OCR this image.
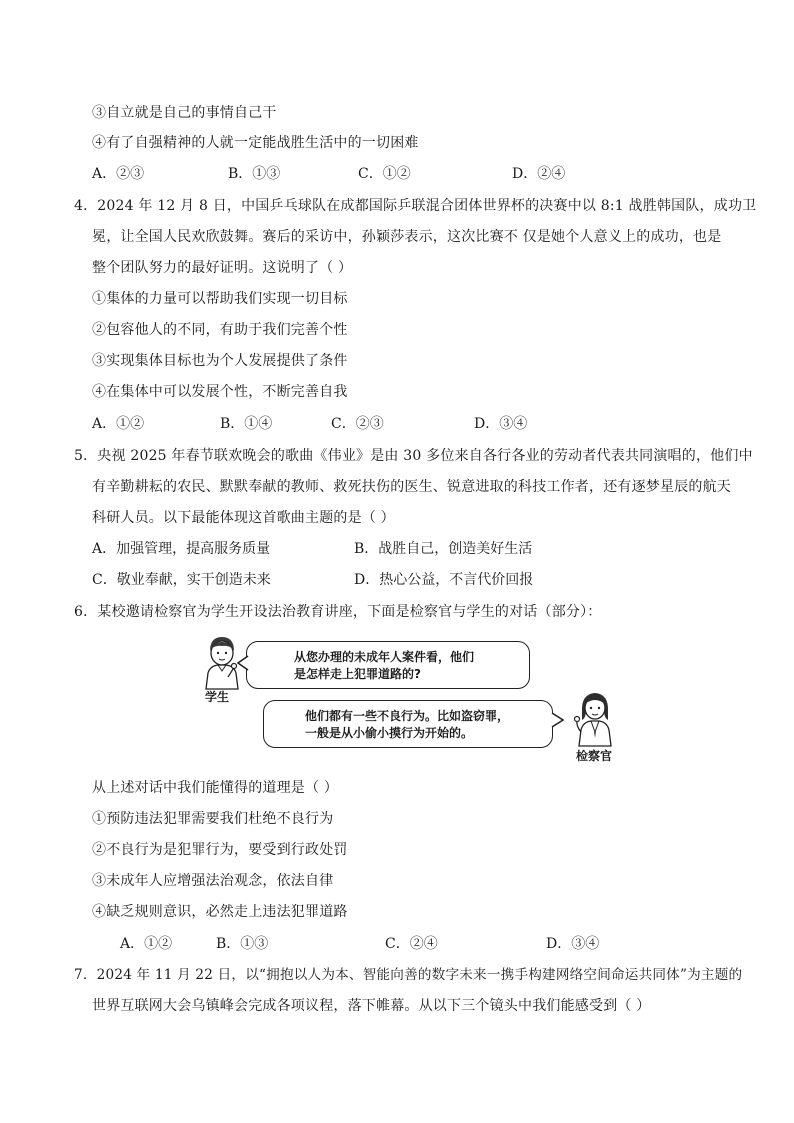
③自立就是自己的事情自己干
④有了自强精神的人就一定能战胜生活中的一切困难
A．②③	B．①③	C．①②	D．②④
4．2024 年 12 月 8 日，中国乒乓球队在成都国际乒联混合团体世界杯的决赛中以 8:1 战胜韩国队，成功卫
冕，让全国人民欢欣鼓舞。赛后的采访中，孙颖莎表示，这次比赛不 仅是她个人意义上的成功，也是
整个团队努力的最好证明。这说明了（ ）
①集体的力量可以帮助我们实现一切目标
②包容他人的不同，有助于我们完善个性
③实现集体目标也为个人发展提供了条件
④在集体中可以发展个性，不断完善自我
A．①②	B．①④	C．②③	D．③④
5．央视 2025 年春节联欢晚会的歌曲《伟业》是由 30 多位来自各行各业的劳动者代表共同演唱的，他们中
有辛勤耕耘的农民、默默奉献的教师、救死扶伤的医生、锐意进取的科技工作者，还有逐梦星辰的航天
科研人员。以下最能体现这首歌曲主题的是（ ）
A．加强管理，提高服务质量	B．战胜自己，创造美好生活
C．敬业奉献，实干创造未来	D．热心公益，不言代价回报
6．某校邀请检察官为学生开设法治教育讲座，下面是检察官与学生的对话（部分）：
学生
从您办理的未成年人案件看，他们
是怎样走上犯罪道路的?
他们都有一些不良行为。比如盗窃罪，
一般是从小偷小摸行为开始的。
检察官
从上述对话中我们能懂得的道理是（ ）
①预防违法犯罪需要我们杜绝不良行为
②不良行为是犯罪行为，要受到行政处罚
③未成年人应增强法治观念，依法自律
④缺乏规则意识，必然走上违法犯罪道路
A．①②	B．①③	C．②④	D．③④
7．2024 年 11 月 22 日，以“拥抱以人为本、智能向善的数字未来一携手构建网络空间命运共同体”为主题的
世界互联网大会乌镇峰会完成各项议程，落下帷幕。从以下三个镜头中我们能感受到（ ）
